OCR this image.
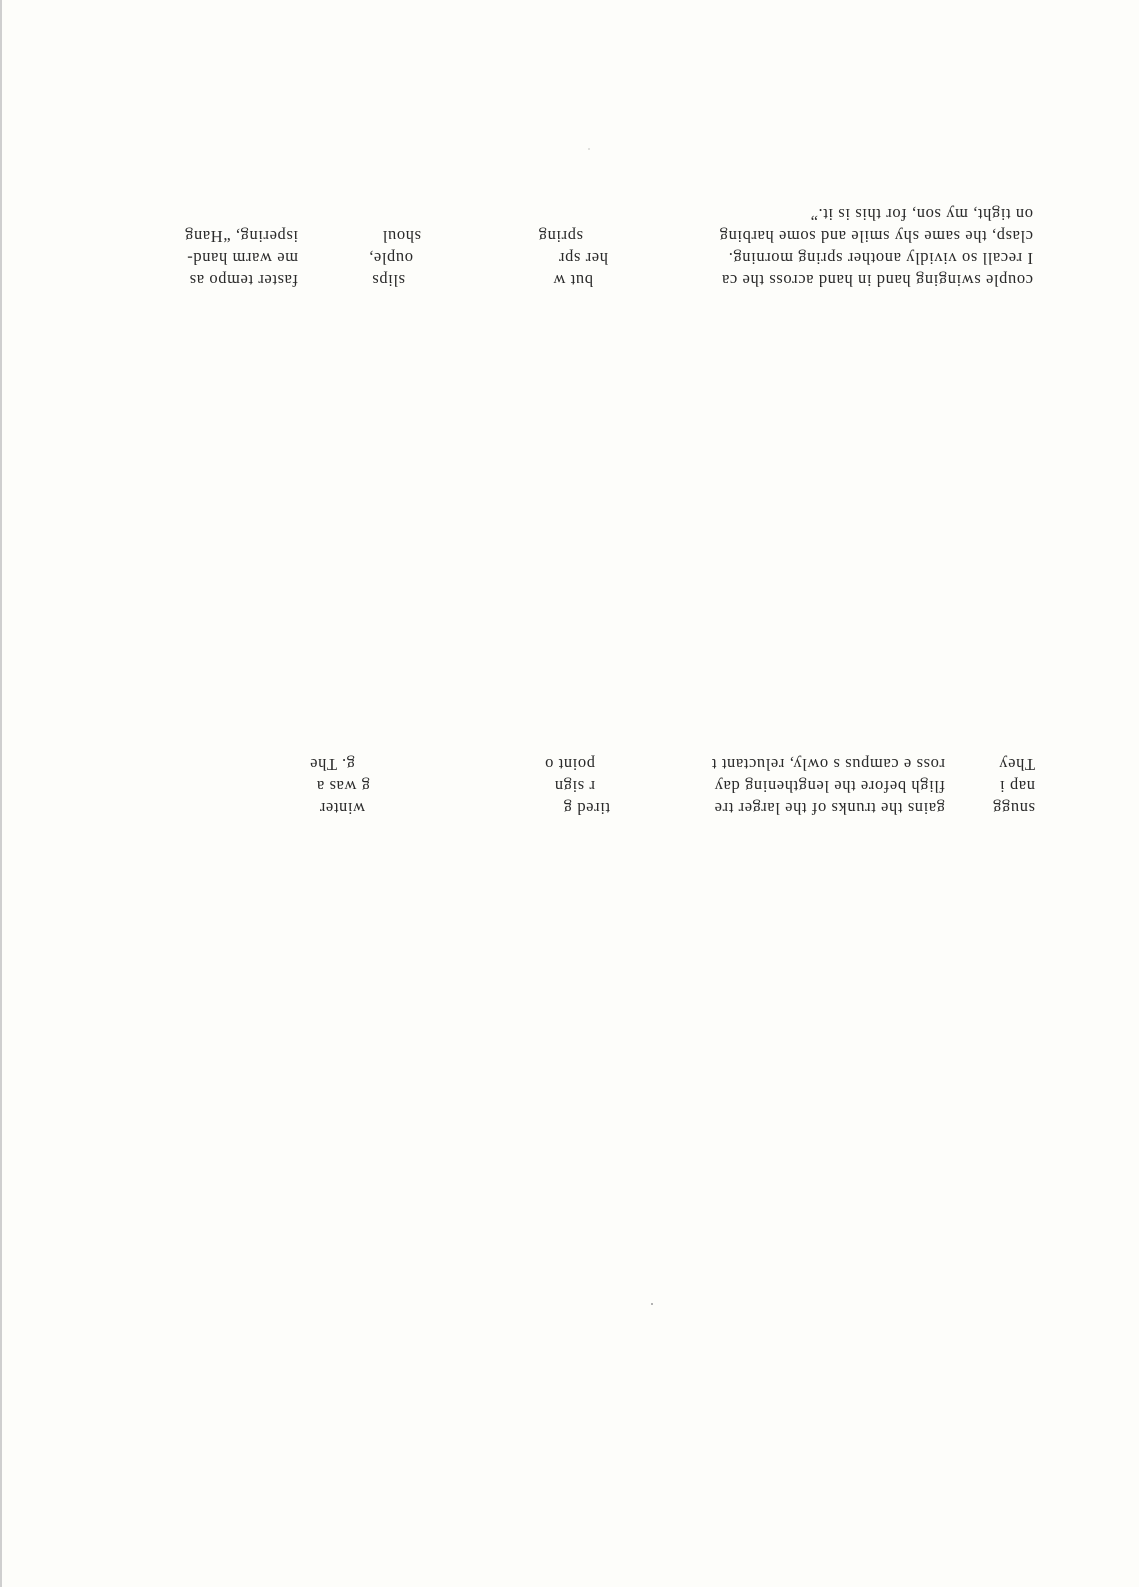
couple swinging hand in hand across the ca
but w
slips
faster tempo as
I recall so vividly another spring morning.
her spr
ouple,
me warm hand-
clasp, the same shy smile and some harbing
spring
shoul
ispering, “Hang
on tight, my son, for this is it.”
snugg
gains the trunks of the larger tre
tired g
winter
nap i
fligh before the lengthening day
r sign
g was a
They
ross e campus s owly, reluctant t
point o
g. The
